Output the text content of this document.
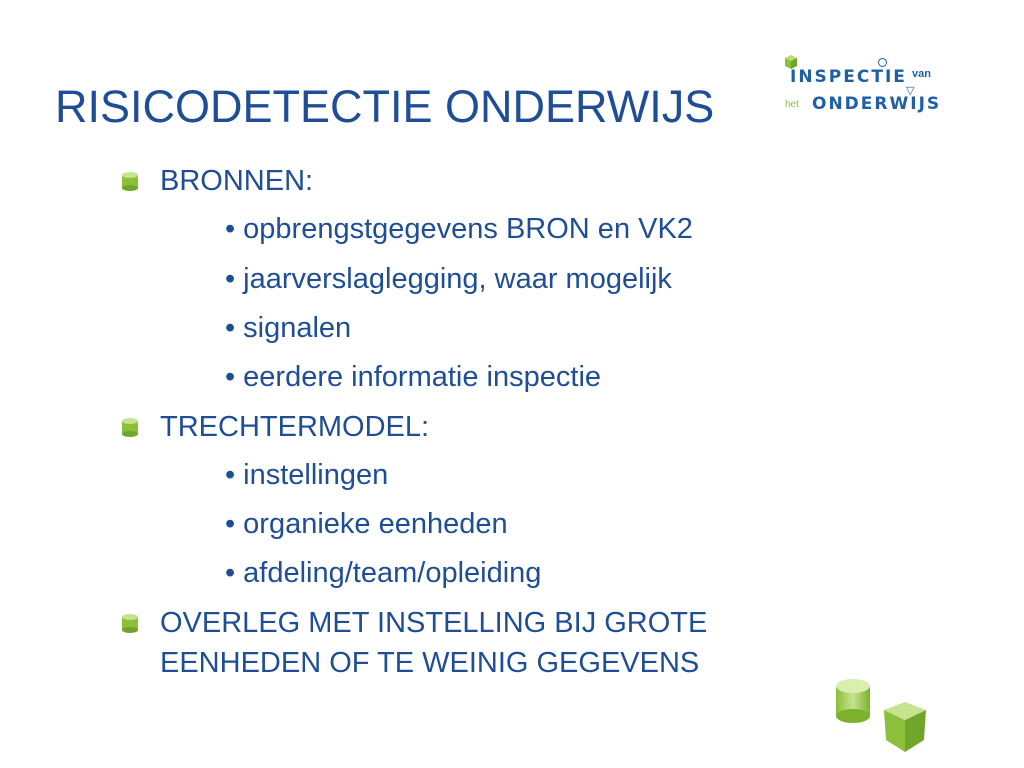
RISICODETECTIE ONDERWIJS
INSPECTIE van
▽
het ONDERWIJS
BRONNEN:
• opbrengstgegevens BRON en VK2
• jaarverslaglegging, waar mogelijk
• signalen
• eerdere informatie inspectie
TRECHTERMODEL:
• instellingen
• organieke eenheden
• afdeling/team/opleiding
OVERLEG MET INSTELLING BIJ GROTE
EENHEDEN OF TE WEINIG GEGEVENS
